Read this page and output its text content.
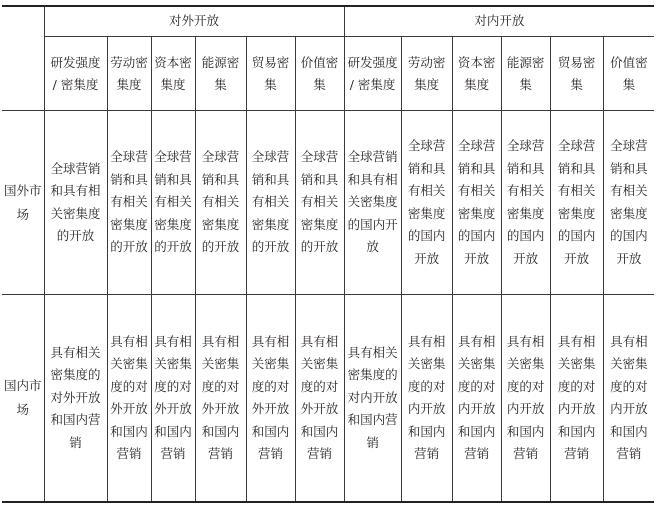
	对外开放						对内开放					
	研发强度 / 密集度	劳动密集度	资本密集度	能源密集	贸易密集	价值密集	研发强度 / 密集度	劳动密集度	资本密集度	能源密集	贸易密集	价值密集
国外市场	全球营销和具有相关密集度的开放	全球营销和具有相关密集度的开放	全球营销和具有相关密集度的开放	全球营销和具有相关密集度的开放	全球营销和具有相关密集度的开放	全球营销和具有相关密集度的开放	全球营销和具有相关密集度的国内开放	全球营销和具有相关密集度的国内开放	全球营销和具有相关密集度的国内开放	全球营销和具有相关密集度的国内开放	全球营销和具有相关密集度的国内开放	全球营销和具有相关密集度的国内开放
国内市场	具有相关密集度的对外开放和国内营销	具有相关密集度的对外开放和国内营销	具有相关密集度的对外开放和国内营销	具有相关密集度的对外开放和国内营销	具有相关密集度的对外开放和国内营销	具有相关密集度的对外开放和国内营销	具有相关密集度的对内开放和国内营销	具有相关密集度的对内开放和国内营销	具有相关密集度的对内开放和国内营销	具有相关密集度的对内开放和国内营销	具有相关密集度的对内开放和国内营销	具有相关密集度的对内开放和国内营销
